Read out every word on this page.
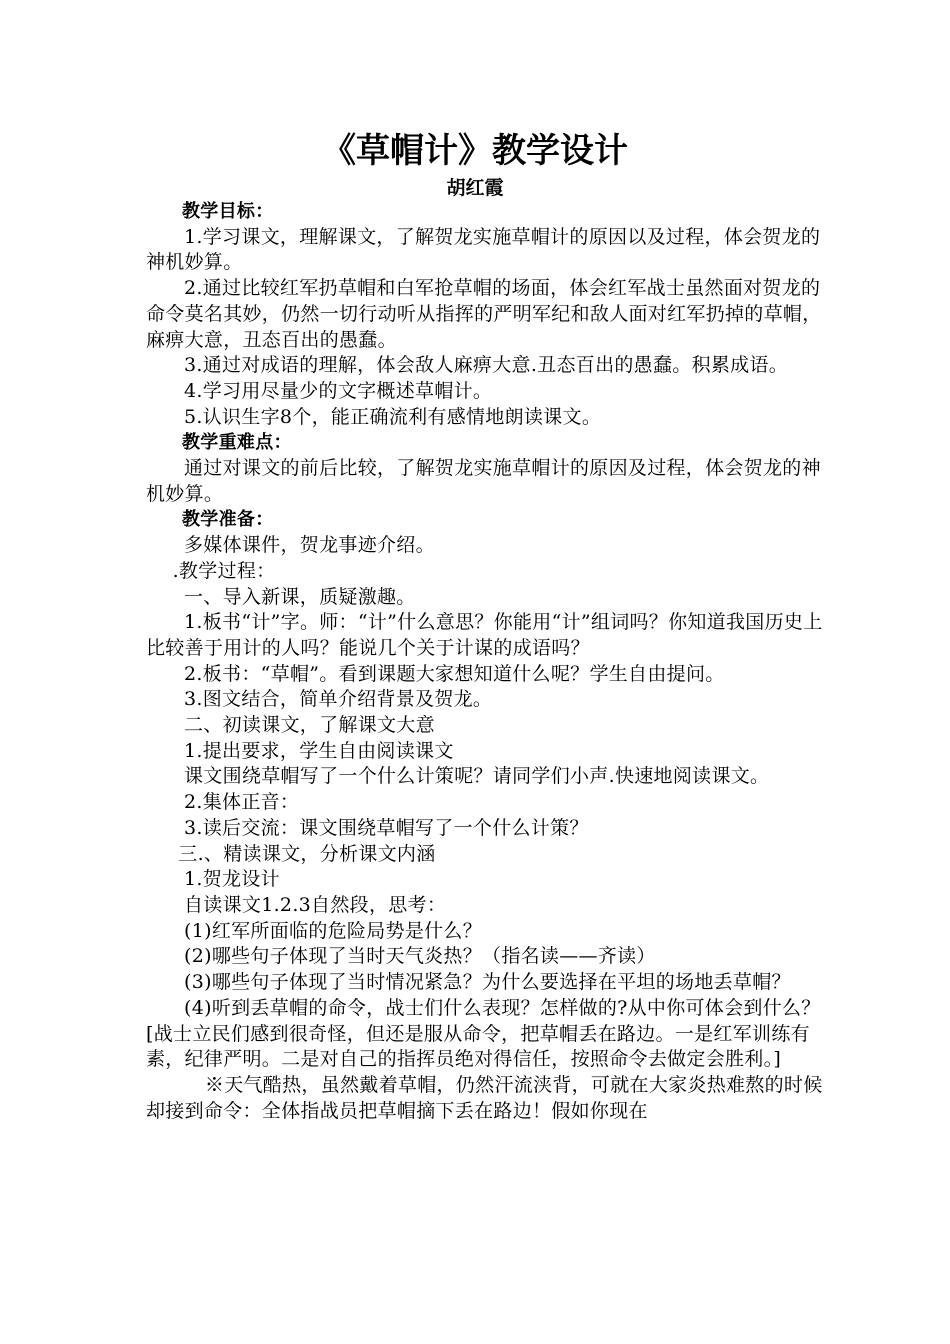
《草帽计》教学设计
胡红霞

教学目标：

1.学习课文，理解课文，了解贺龙实施草帽计的原因以及过程，体会贺龙的神机妙算。

2.通过比较红军扔草帽和白军抢草帽的场面，体会红军战士虽然面对贺龙的命令莫名其妙，仍然一切行动听从指挥的严明军纪和敌人面对红军扔掉的草帽，麻痹大意，丑态百出的愚蠢。

3.通过对成语的理解，体会敌人麻痹大意.丑态百出的愚蠢。积累成语。

4.学习用尽量少的文字概述草帽计。

5.认识生字8个，能正确流利有感情地朗读课文。

教学重难点：

通过对课文的前后比较，了解贺龙实施草帽计的原因及过程，体会贺龙的神机妙算。

教学准备：

多媒体课件，贺龙事迹介绍。

.教学过程：

一、导入新课，质疑激趣。

1.板书“计”字。师：“计”什么意思？你能用“计”组词吗？你知道我国历史上比较善于用计的人吗？能说几个关于计谋的成语吗？

2.板书：“草帽”。看到课题大家想知道什么呢？学生自由提问。

3.图文结合，简单介绍背景及贺龙。

二、初读课文，了解课文大意

1.提出要求，学生自由阅读课文

课文围绕草帽写了一个什么计策呢？请同学们小声.快速地阅读课文。

2.集体正音：

3.读后交流：课文围绕草帽写了一个什么计策？

三.、精读课文，分析课文内涵

1.贺龙设计

自读课文1.2.3自然段，思考：

(1)红军所面临的危险局势是什么？

(2)哪些句子体现了当时天气炎热？（指名读——齐读）

(3)哪些句子体现了当时情况紧急？为什么要选择在平坦的场地丢草帽？

(4)听到丢草帽的命令，战士们什么表现？怎样做的?从中你可体会到什么？[战士立民们感到很奇怪，但还是服从命令，把草帽丢在路边。一是红军训练有素，纪律严明。二是对自己的指挥员绝对得信任，按照命令去做定会胜利。]

※天气酷热，虽然戴着草帽，仍然汗流浃背，可就在大家炎热难熬的时候却接到命令：全体指战员把草帽摘下丢在路边！假如你现在
